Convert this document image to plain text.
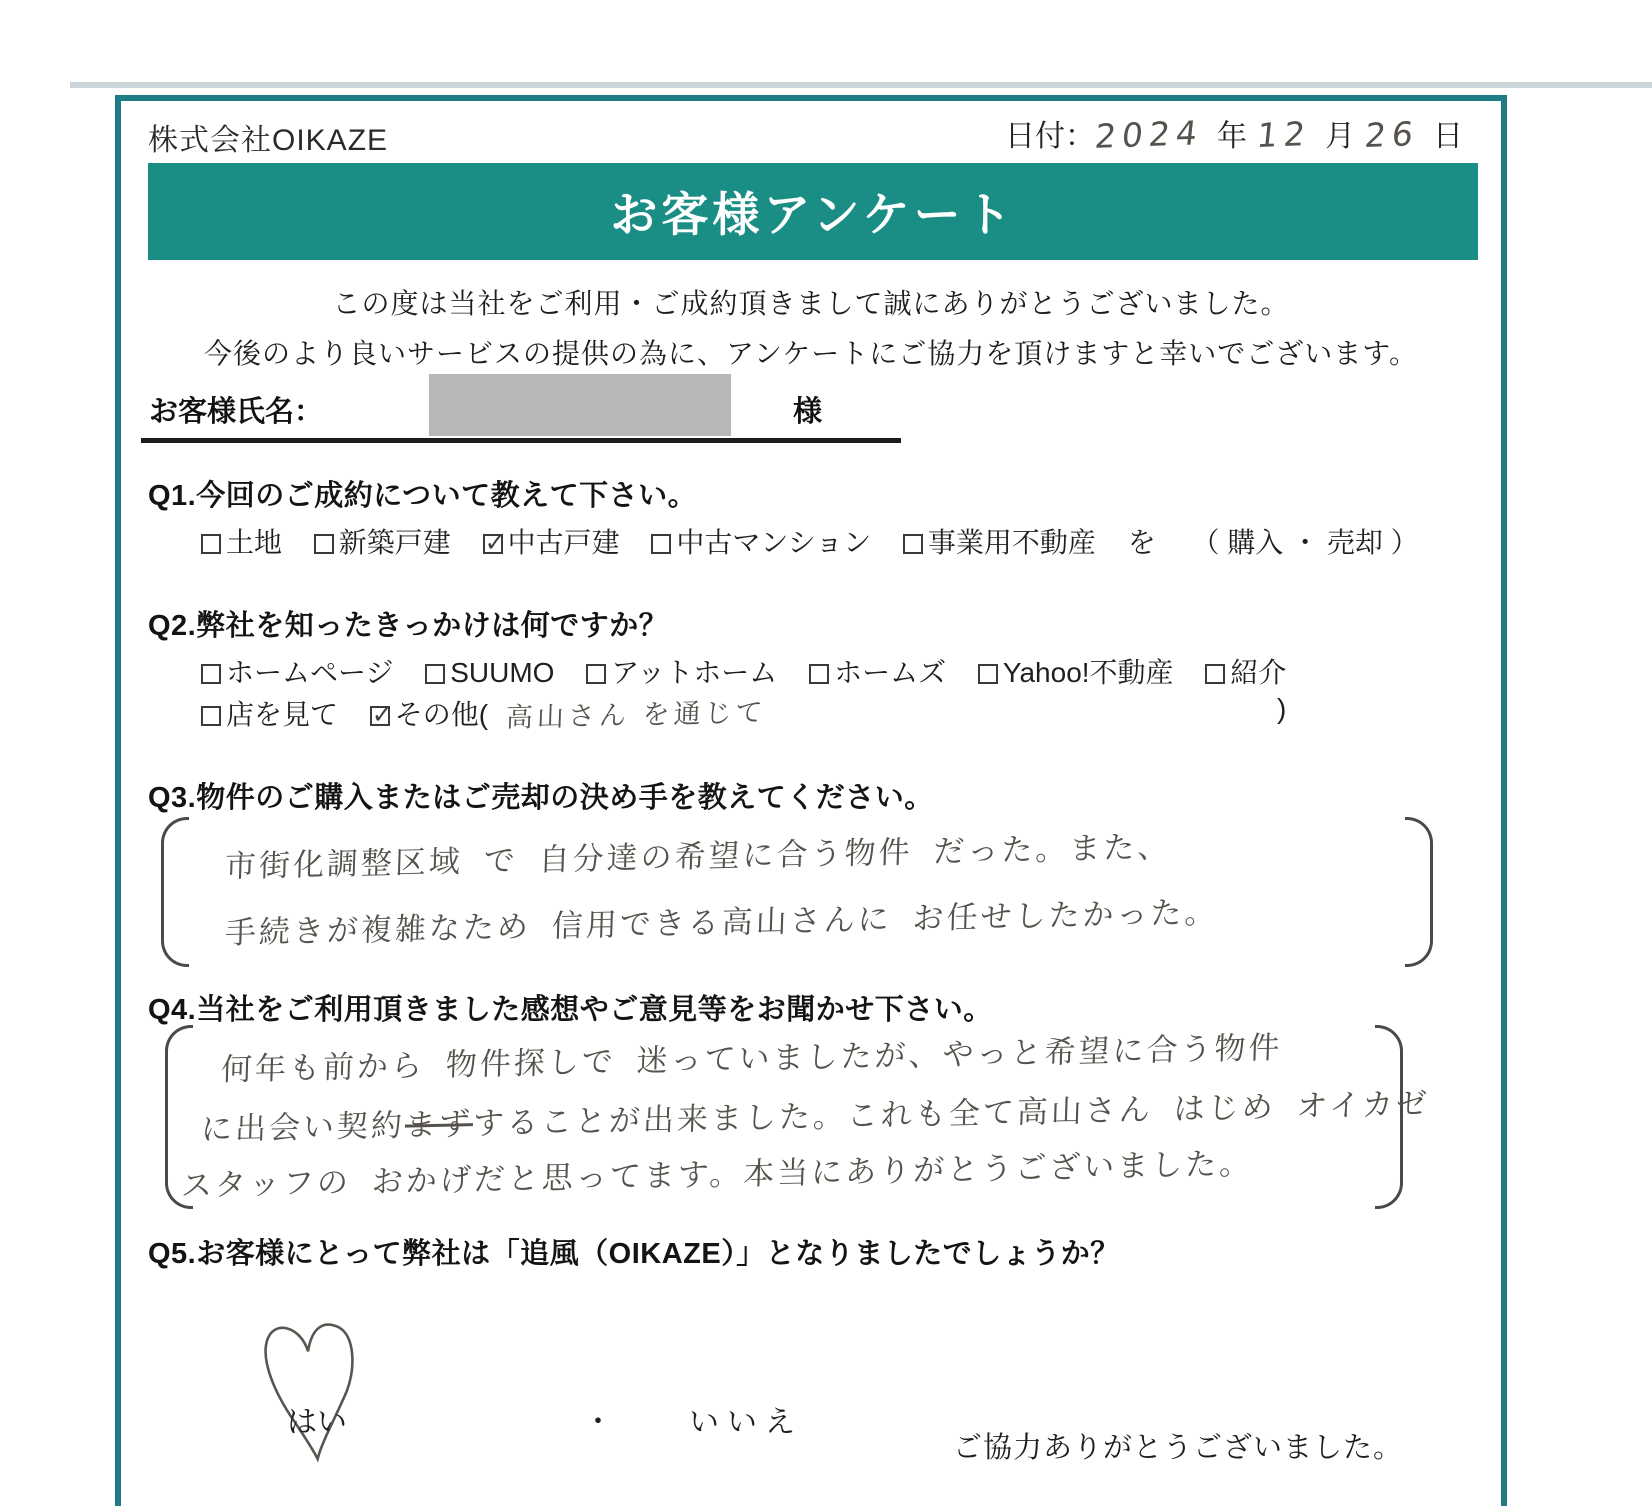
株式会社OIKAZE	日付：2024 年 12 月 26 日
お客様アンケート
この度は当社をご利用・ご成約頂きまして誠にありがとうございました。
今後のより良いサービスの提供の為に、アンケートにご協力を頂けますと幸いでございます。
お客様氏名：	様
Q1.今回のご成約について教えて下さい。
土地 新築戸建 ✓ 中古戸建 中古マンション 事業用不動産 を （ 購入 ・ 売却 ）
Q2.弊社を知ったきっかけは何ですか？
ホームページ SUUMO アットホーム ホームズ Yahoo!不動産 紹介
店を見て ✓ その他( 高山さん を通じて	)
Q3.物件のご購入またはご売却の決め手を教えてください。
市街化調整区域 で 自分達の希望に合う物件 だった。また、
手続きが複雑なため 信用できる高山さんに お任せしたかった。
Q4.当社をご利用頂きました感想やご意見等をお聞かせ下さい。
何年も前から 物件探しで 迷っていましたが、やっと希望に合う物件
に出会い契約まずすることが出来ました。これも全て高山さん はじめ オイカゼ
スタッフの おかげだと思ってます。本当にありがとうございました。
Q5.お客様にとって弊社は「追風（OIKAZE）」となりましたでしょうか？
はい	・	いいえ
ご協力ありがとうございました。
